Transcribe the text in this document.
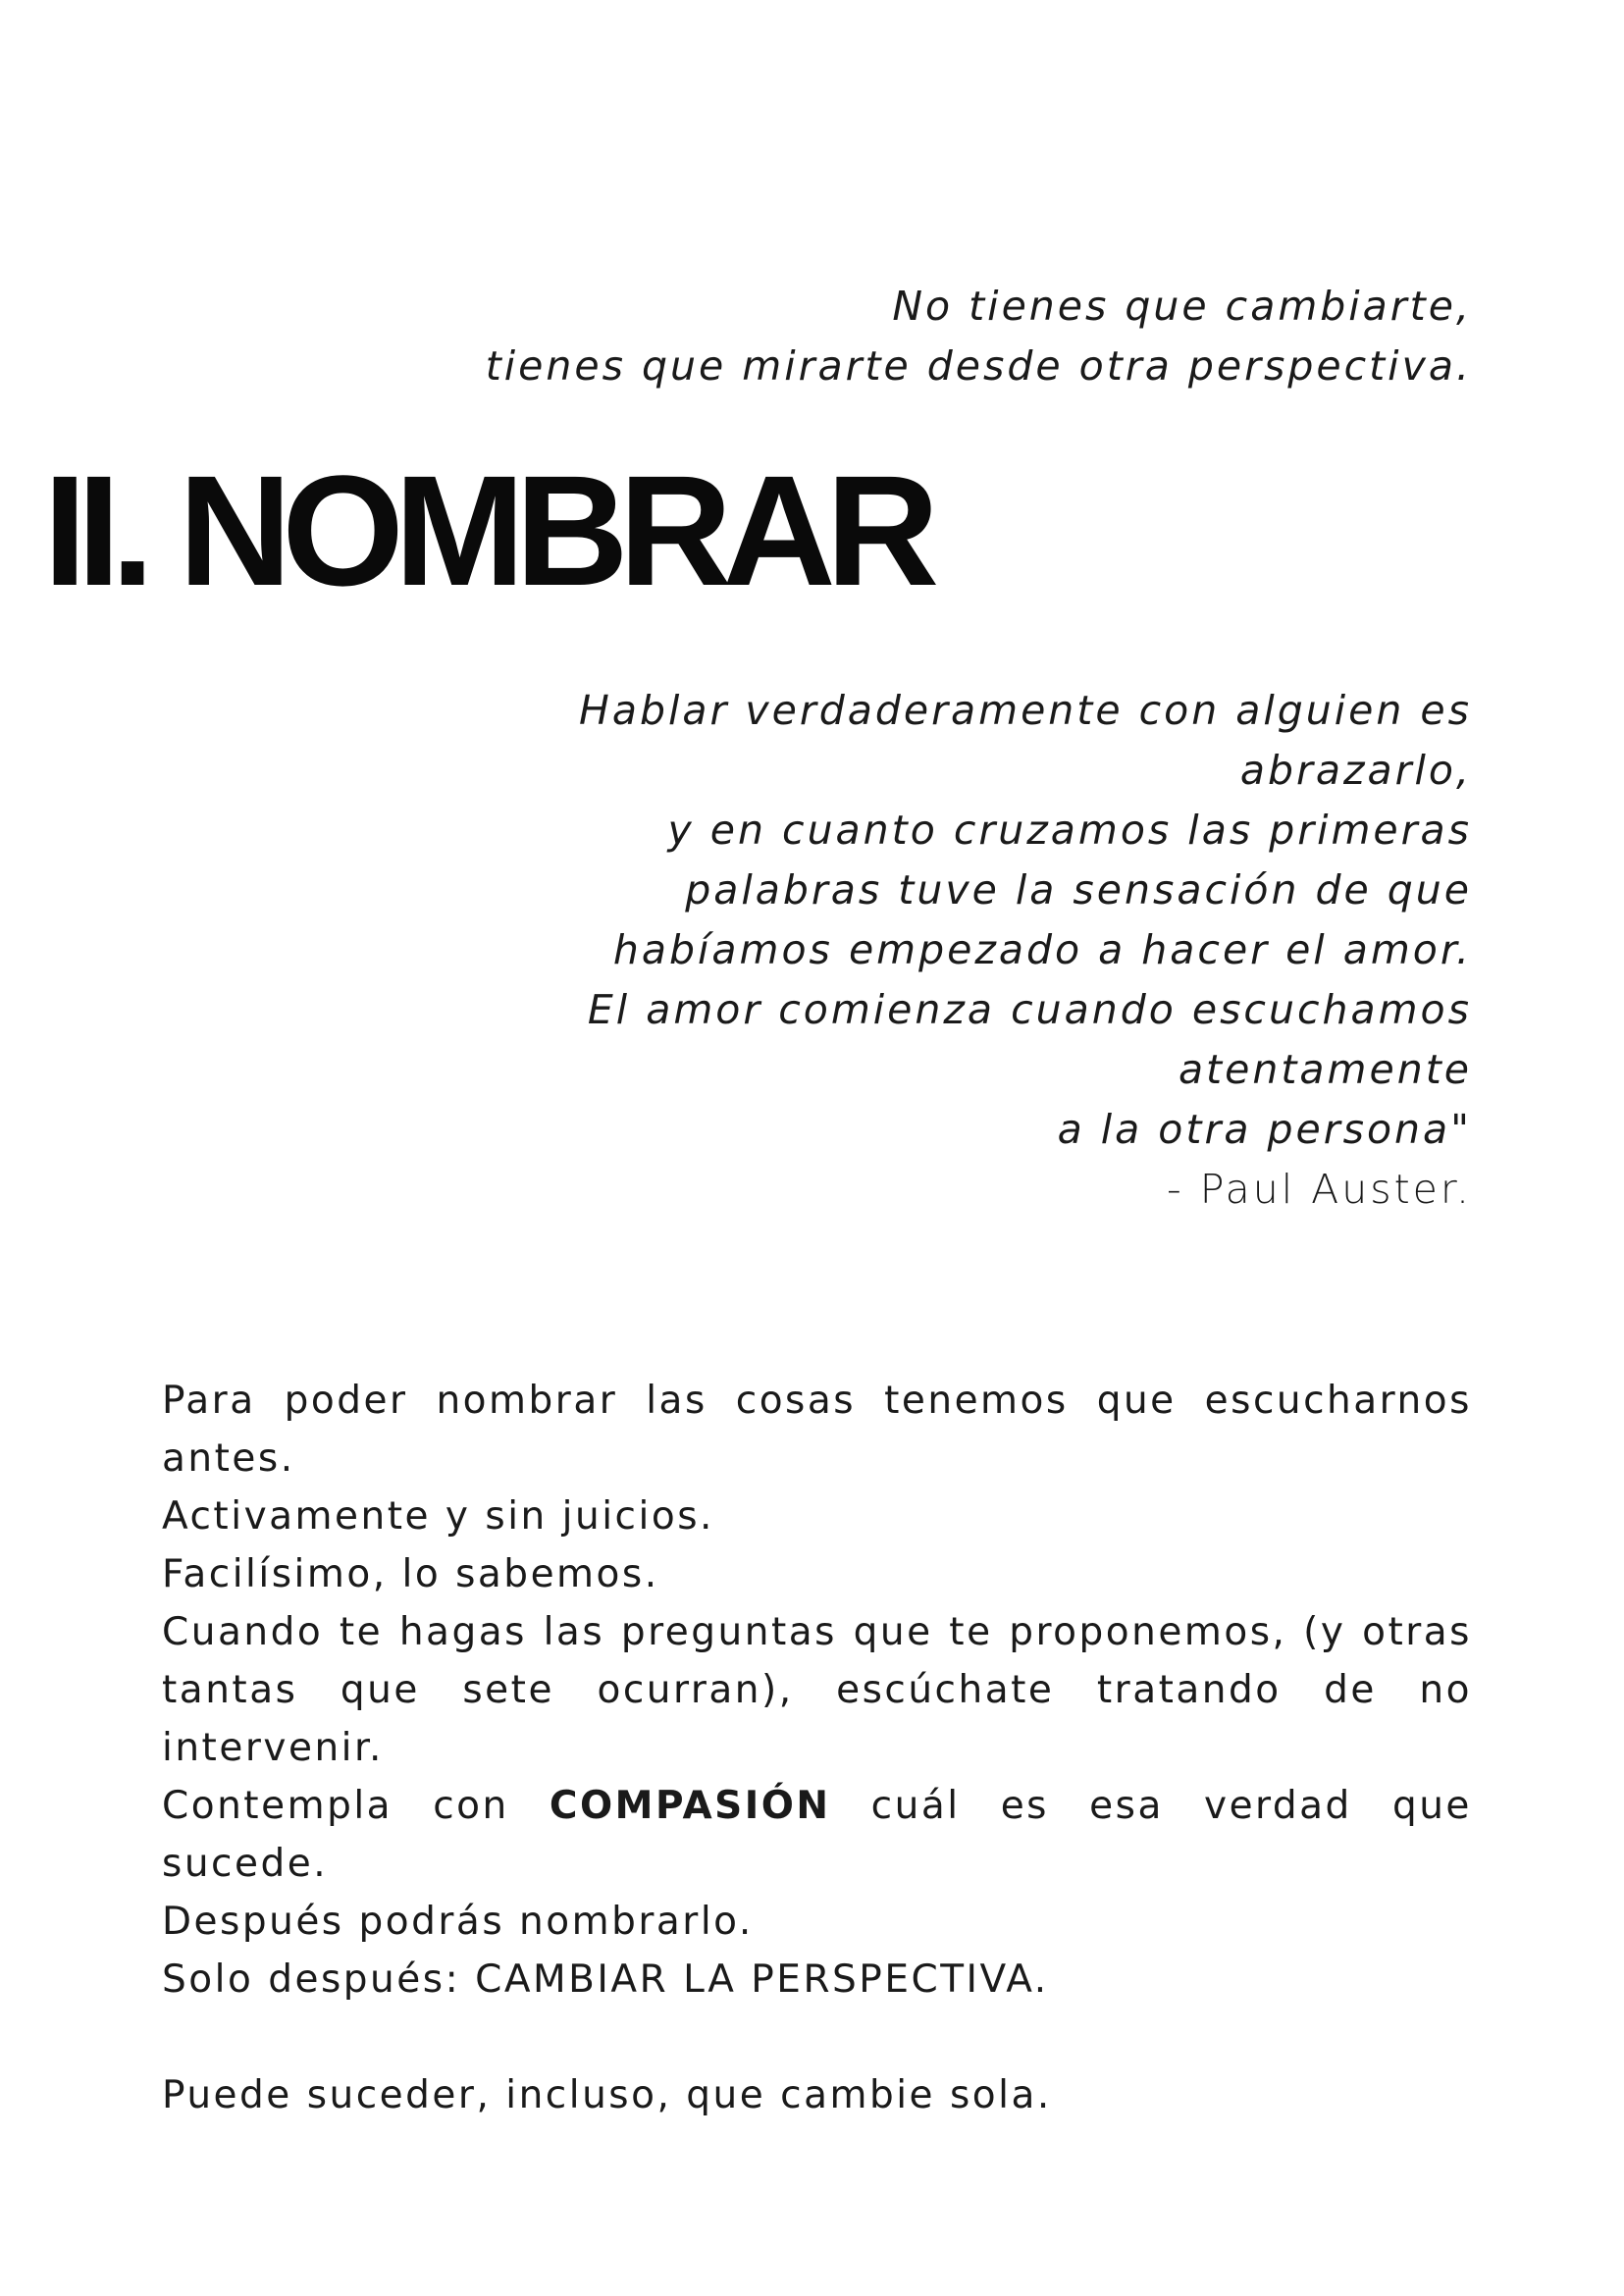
No tienes que cambiarte,
tienes que mirarte desde otra perspectiva.
II. NOMBRAR
Hablar verdaderamente con alguien es
abrazarlo,
y en cuanto cruzamos las primeras
palabras tuve la sensación de que
habíamos empezado a hacer el amor.
El amor comienza cuando escuchamos
atentamente
a la otra persona"
- Paul Auster.
Para poder nombrar las cosas tenemos que escucharnos
antes.
Activamente y sin juicios.
Facilísimo, lo sabemos.
Cuando te hagas las preguntas que te proponemos, (y otras
tantas que sete ocurran), escúchate tratando de no
intervenir.
Contempla con COMPASIÓN cuál es esa verdad que
sucede.
Después podrás nombrarlo.
Solo después: CAMBIAR LA PERSPECTIVA.
Puede suceder, incluso, que cambie sola.
